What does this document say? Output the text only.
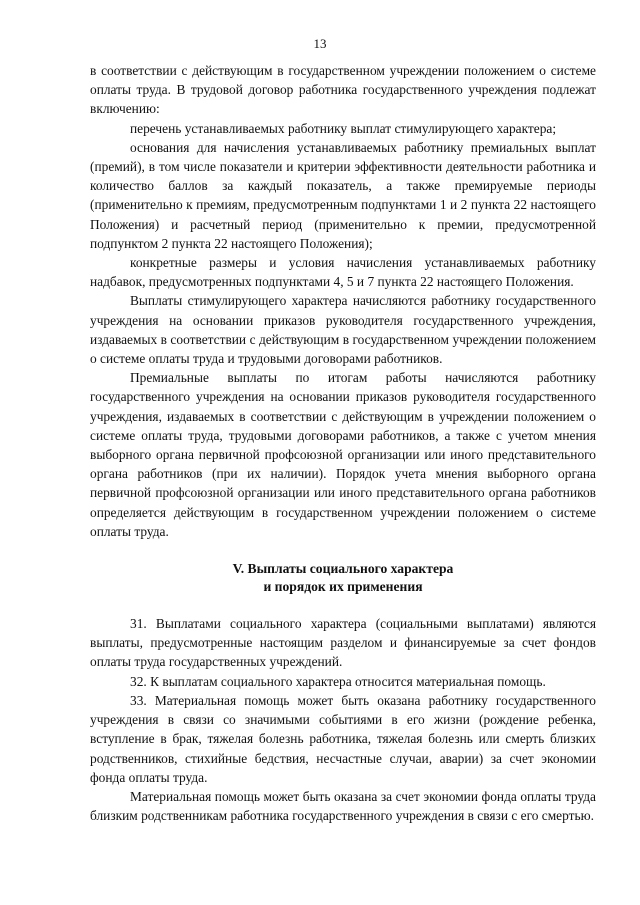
13

в соответствии с действующим в государственном учреждении положением о системе оплаты труда. В трудовой договор работника государственного учреждения подлежат включению:

перечень устанавливаемых работнику выплат стимулирующего характера;

основания для начисления устанавливаемых работнику премиальных выплат (премий), в том числе показатели и критерии эффективности деятельности работника и количество баллов за каждый показатель, а также премируемые периоды (применительно к премиям, предусмотренным подпунктами 1 и 2 пункта 22 настоящего Положения) и расчетный период (применительно к премии, предусмотренной подпунктом 2 пункта 22 настоящего Положения);

конкретные размеры и условия начисления устанавливаемых работнику надбавок, предусмотренных подпунктами 4, 5 и 7 пункта 22 настоящего Положения.

Выплаты стимулирующего характера начисляются работнику государственного учреждения на основании приказов руководителя государственного учреждения, издаваемых в соответствии с действующим в государственном учреждении положением о системе оплаты труда и трудовыми договорами работников.

Премиальные выплаты по итогам работы начисляются работнику государственного учреждения на основании приказов руководителя государственного учреждения, издаваемых в соответствии с действующим в учреждении положением о системе оплаты труда, трудовыми договорами работников, а также с учетом мнения выборного органа первичной профсоюзной организации или иного представительного органа работников (при их наличии). Порядок учета мнения выборного органа первичной профсоюзной организации или иного представительного органа работников определяется действующим в государственном учреждении положением о системе оплаты труда.

V. Выплаты социального характера
и порядок их применения

31. Выплатами социального характера (социальными выплатами) являются выплаты, предусмотренные настоящим разделом и финансируемые за счет фондов оплаты труда государственных учреждений.

32. К выплатам социального характера относится материальная помощь.

33. Материальная помощь может быть оказана работнику государственного учреждения в связи со значимыми событиями в его жизни (рождение ребенка, вступление в брак, тяжелая болезнь работника, тяжелая болезнь или смерть близких родственников, стихийные бедствия, несчастные случаи, аварии) за счет экономии фонда оплаты труда.

Материальная помощь может быть оказана за счет экономии фонда оплаты труда близким родственникам работника государственного учреждения в связи с его смертью.
